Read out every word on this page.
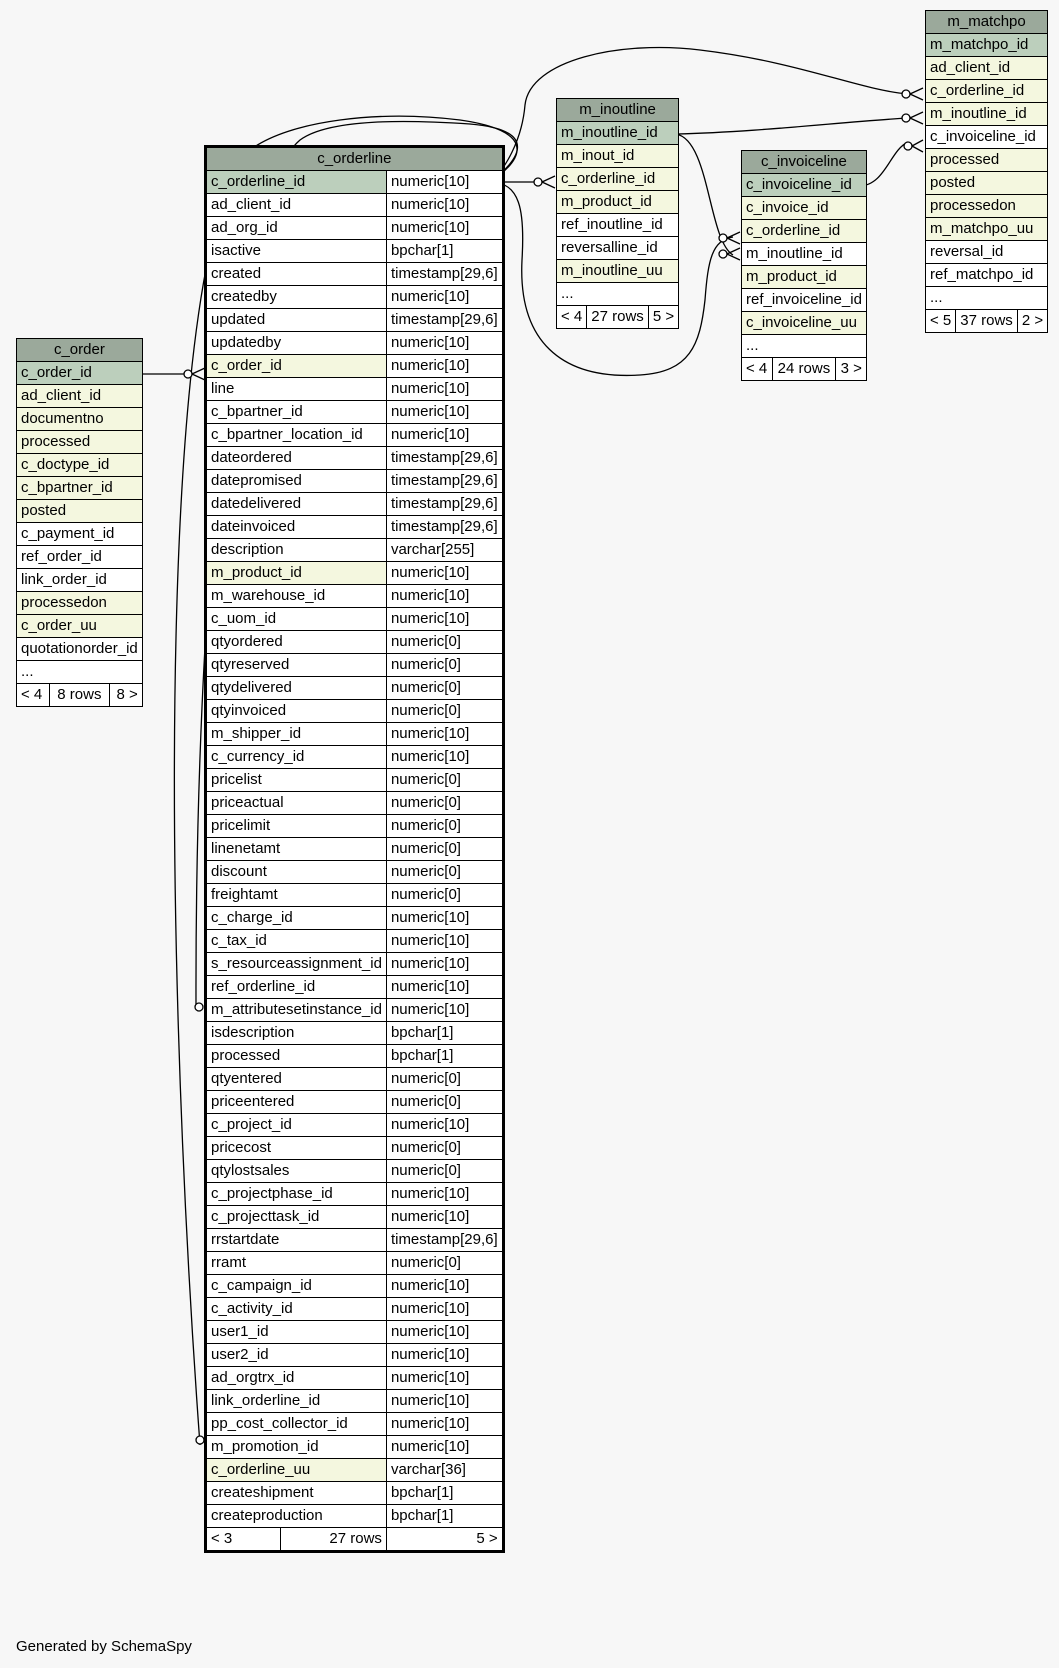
c_order
c_order_id
ad_client_id
documentno
processed
c_doctype_id
c_bpartner_id
posted
c_payment_id
ref_order_id
link_order_id
processedon
c_order_uu
quotationorder_id
...
< 4	8 rows	8 >
c_orderline		
c_orderline_id		numeric[10]
ad_client_id		numeric[10]
ad_org_id		numeric[10]
isactive		bpchar[1]
created		timestamp[29,6]
createdby		numeric[10]
updated		timestamp[29,6]
updatedby		numeric[10]
c_order_id		numeric[10]
line		numeric[10]
c_bpartner_id		numeric[10]
c_bpartner_location_id		numeric[10]
dateordered		timestamp[29,6]
datepromised		timestamp[29,6]
datedelivered		timestamp[29,6]
dateinvoiced		timestamp[29,6]
description		varchar[255]
m_product_id		numeric[10]
m_warehouse_id		numeric[10]
c_uom_id		numeric[10]
qtyordered		numeric[0]
qtyreserved		numeric[0]
qtydelivered		numeric[0]
qtyinvoiced		numeric[0]
m_shipper_id		numeric[10]
c_currency_id		numeric[10]
pricelist		numeric[0]
priceactual		numeric[0]
pricelimit		numeric[0]
linenetamt		numeric[0]
discount		numeric[0]
freightamt		numeric[0]
c_charge_id		numeric[10]
c_tax_id		numeric[10]
s_resourceassignment_id		numeric[10]
ref_orderline_id		numeric[10]
m_attributesetinstance_id		numeric[10]
isdescription		bpchar[1]
processed		bpchar[1]
qtyentered		numeric[0]
priceentered		numeric[0]
c_project_id		numeric[10]
pricecost		numeric[0]
qtylostsales		numeric[0]
c_projectphase_id		numeric[10]
c_projecttask_id		numeric[10]
rrstartdate		timestamp[29,6]
rramt		numeric[0]
c_campaign_id		numeric[10]
c_activity_id		numeric[10]
user1_id		numeric[10]
user2_id		numeric[10]
ad_orgtrx_id		numeric[10]
link_orderline_id		numeric[10]
pp_cost_collector_id		numeric[10]
m_promotion_id		numeric[10]
c_orderline_uu		varchar[36]
createshipment		bpchar[1]
createproduction		bpchar[1]
< 3	27 rows	5 >
m_inoutline
m_inoutline_id
m_inout_id
c_orderline_id
m_product_id
ref_inoutline_id
reversalline_id
m_inoutline_uu
...
< 4	27 rows	5 >
c_invoiceline
c_invoiceline_id
c_invoice_id
c_orderline_id
m_inoutline_id
m_product_id
ref_invoiceline_id
c_invoiceline_uu
...
< 4	24 rows	3 >
m_matchpo
m_matchpo_id
ad_client_id
c_orderline_id
m_inoutline_id
c_invoiceline_id
processed
posted
processedon
m_matchpo_uu
reversal_id
ref_matchpo_id
...
< 5	37 rows	2 >
Generated by SchemaSpy
